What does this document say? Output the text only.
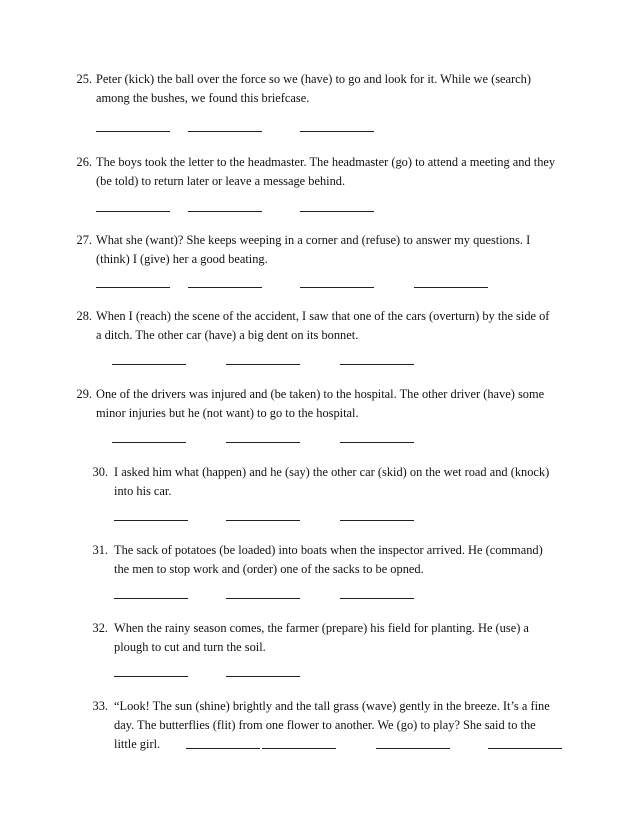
25. Peter (kick) the ball over the force so we (have) to go and look for it. While we (search)
among the bushes, we found this briefcase.
26. The boys took the letter to the headmaster. The headmaster (go) to attend a meeting and they
(be told) to return later or leave a message behind.
27. What she (want)? She keeps weeping in a corner and (refuse) to answer my questions. I
(think) I (give) her a good beating.
28. When I (reach) the scene of the accident, I saw that one of the cars (overturn) by the side of
a ditch. The other car (have) a big dent on its bonnet.
29. One of the drivers was injured and (be taken) to the hospital. The other driver (have) some
minor injuries but he (not want) to go to the hospital.
30. I asked him what (happen) and he (say) the other car (skid) on the wet road and (knock)
into his car.
31. The sack of potatoes (be loaded) into boats when the inspector arrived. He (command)
the men to stop work and (order) one of the sacks to be opned.
32. When the rainy season comes, the farmer (prepare) his field for planting. He (use) a
plough to cut and turn the soil.
33. “Look! The sun (shine) brightly and the tall grass (wave) gently in the breeze. It’s a fine
day. The butterflies (flit) from one flower to another. We (go) to play? She said to the
little girl.
